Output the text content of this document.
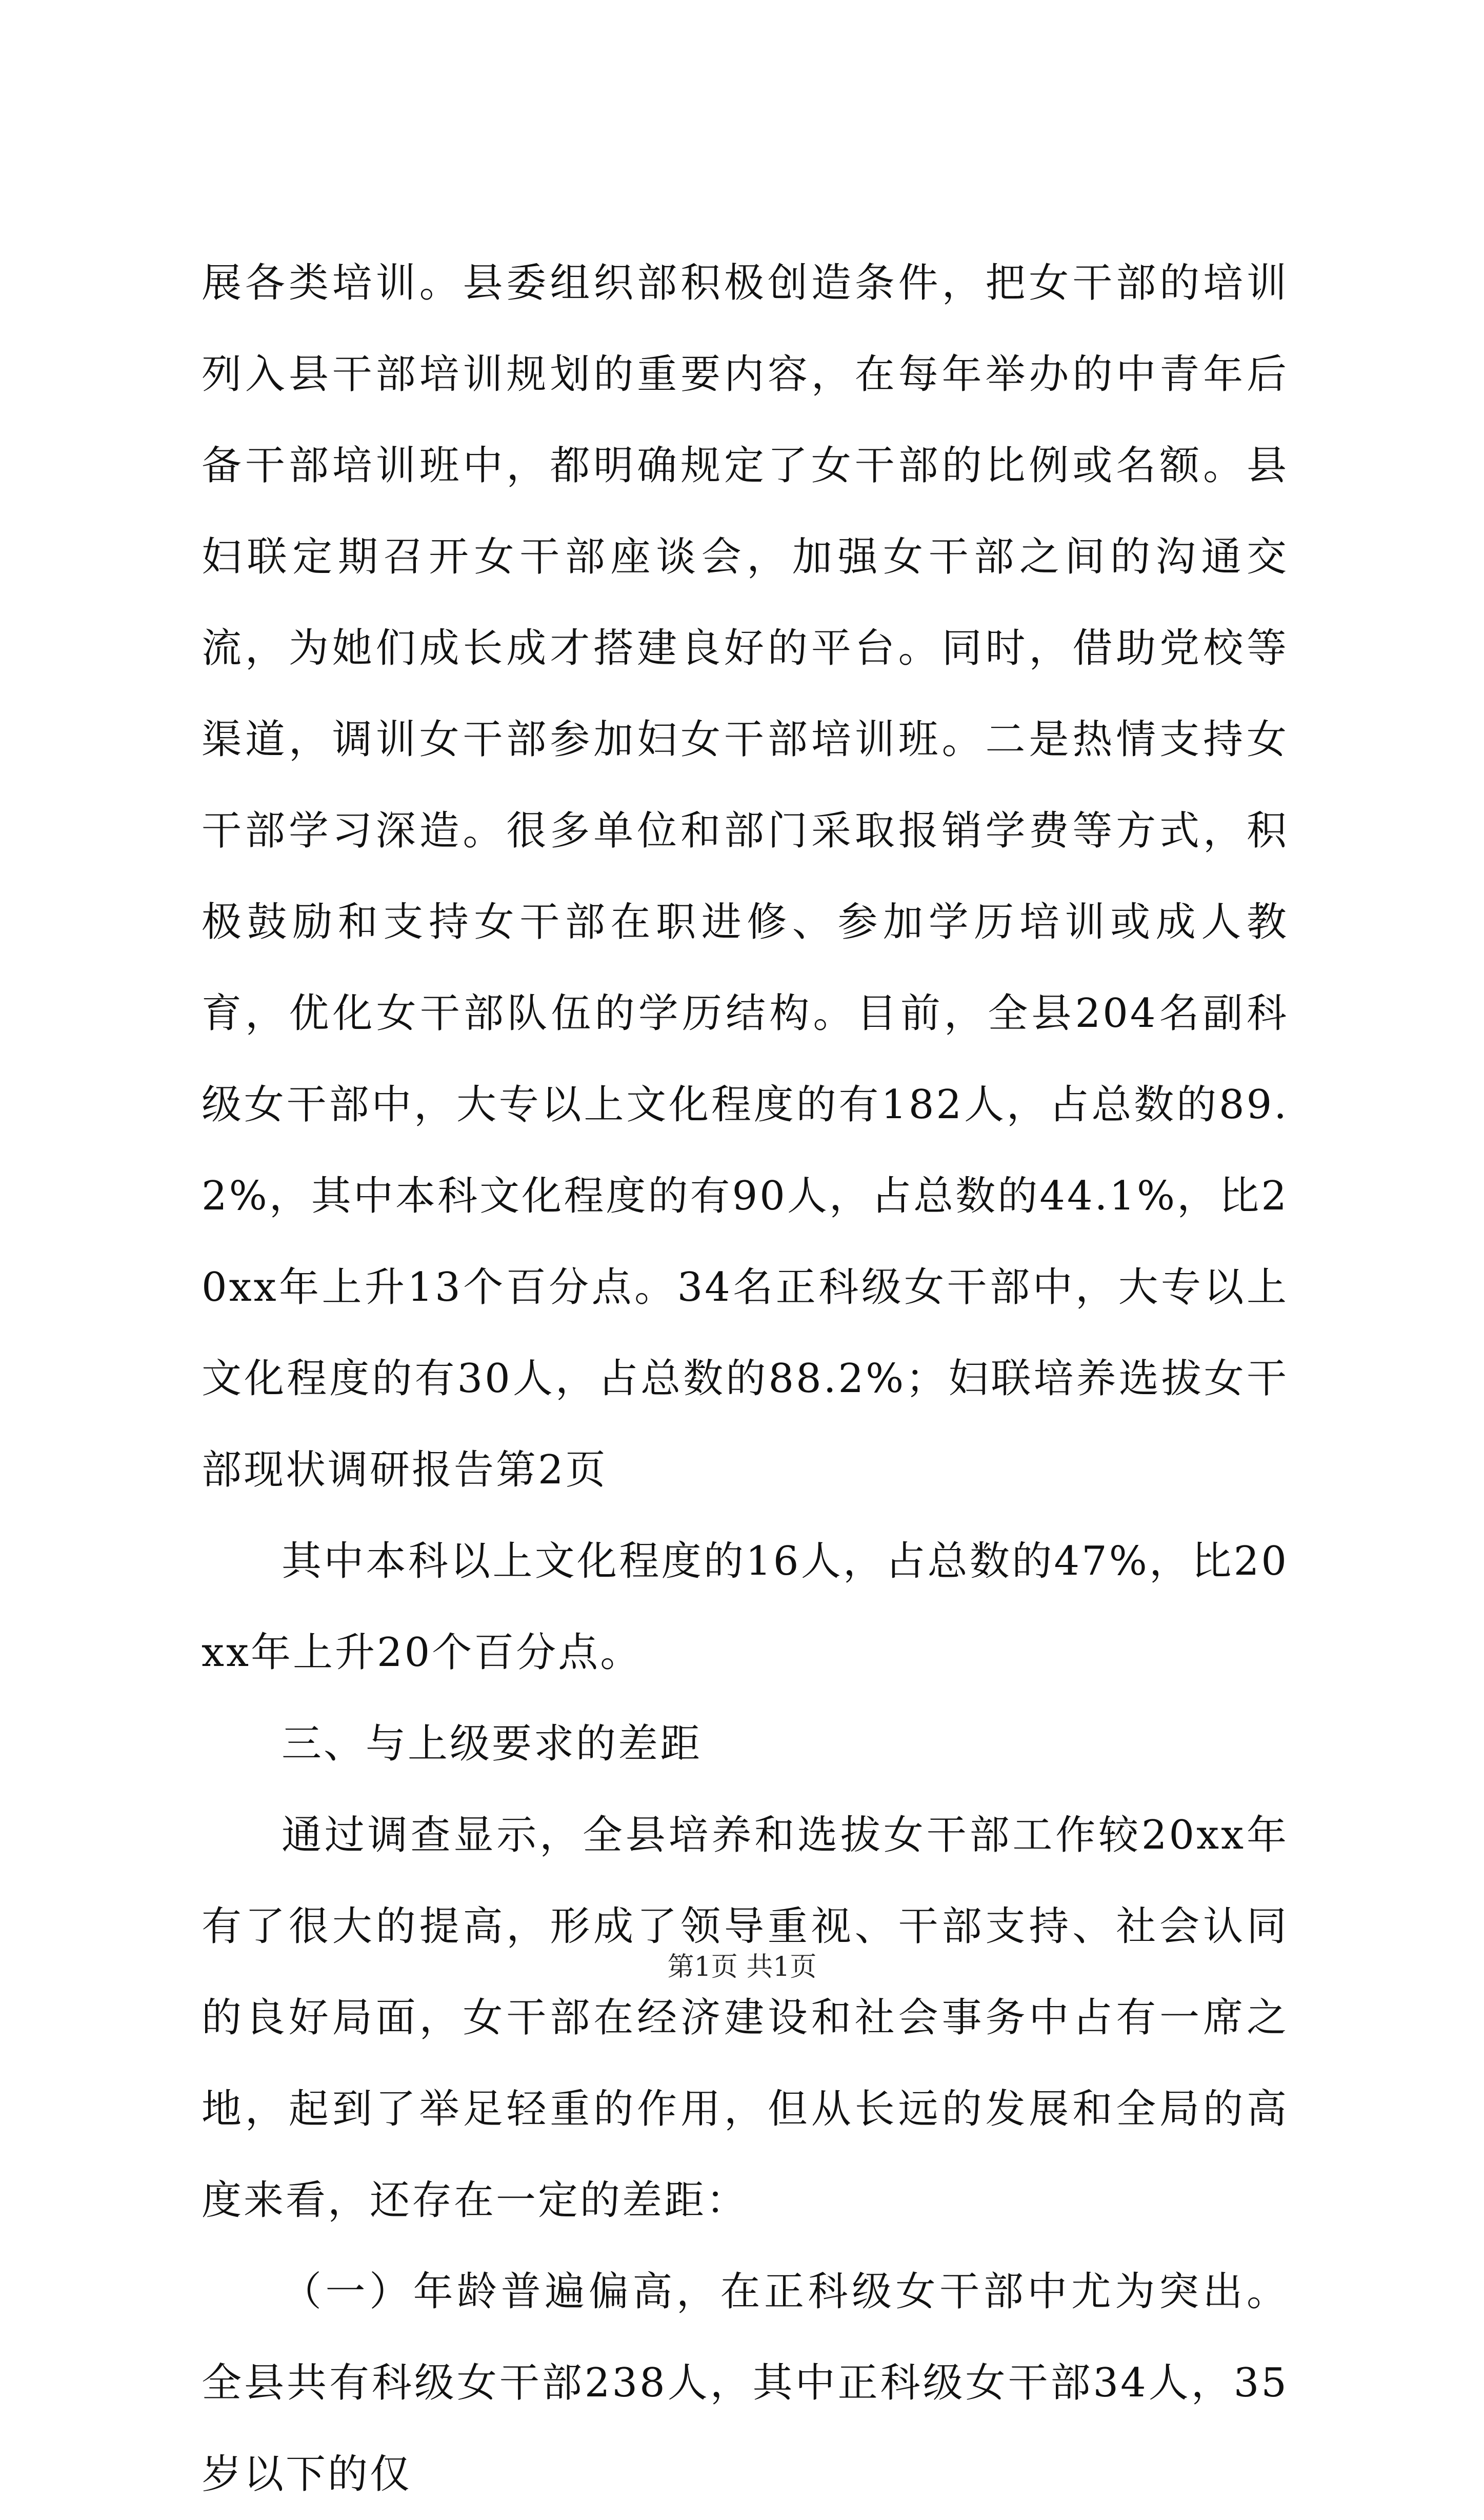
展各类培训。县委组织部积极创造条件，把女干部的培训列入县干部培训规划的重要内容，在每年举办的中青年后备干部培训班中，都明确规定了女干部的比例或名额。县妇联定期召开女干部座谈会，加强女干部之间的沟通交流，为她们成长成才搭建良好的平台。同时，借助党校等渠道，调训女干部参加妇女干部培训班。二是热情支持女干部学习深造。很多单位和部门采取报销学费等方式，积极鼓励和支持女干部在职进修、参加学历培训或成人教育，优化女干部队伍的学历结构。目前，全县204名副科级女干部中，大专以上文化程度的有182人，占总数的89.2%，其中本科文化程度的有90人，占总数的44.1%，比20xx年上升13个百分点。34名正科级女干部中，大专以上文化程度的有30人，占总数的88.2%；妇联培养选拔女干部现状调研报告第2页

其中本科以上文化程度的16人，占总数的47%，比20xx年上升20个百分点。

三、与上级要求的差距

通过调查显示，全县培养和选拔女干部工作较20xx年有了很大的提高，形成了领导重视、干部支持、社会认同的良好局面，女干部在经济建设和社会事务中占有一席之地，起到了举足轻重的作用，但从长远的发展和全局的高度来看，还存在一定的差距：

（一）年龄普遍偏高，在正科级女干部中尤为突出。全县共有科级女干部238人，其中正科级女干部34人，35岁以下的仅

第1页 共1页
